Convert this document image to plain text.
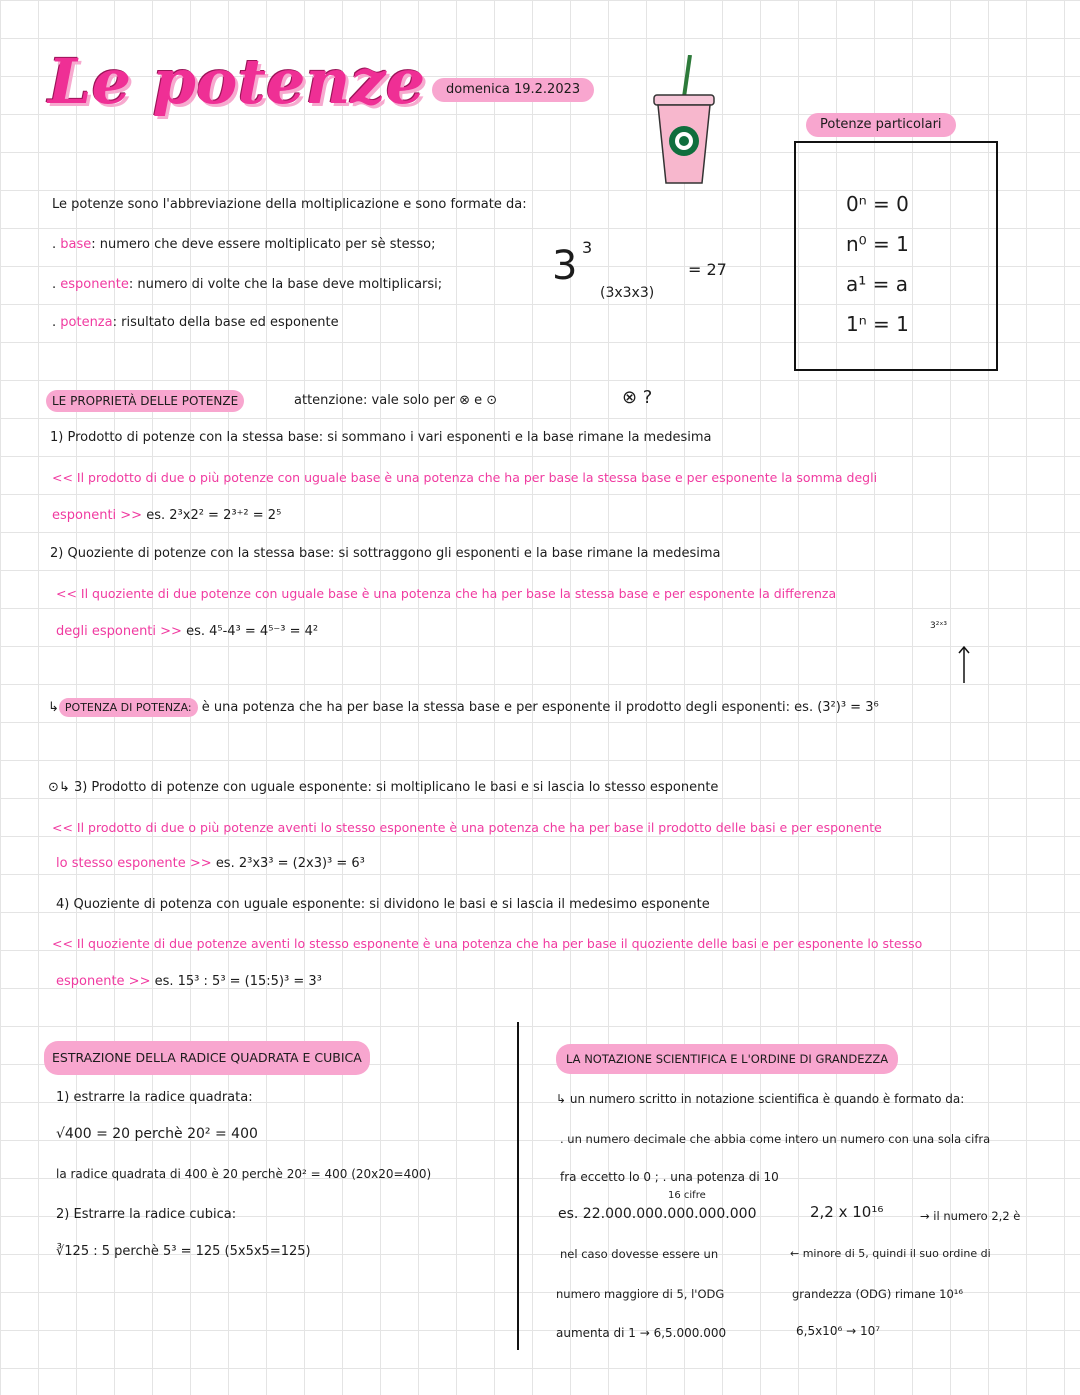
Le potenze	domenica 19.2.2023
Potenze particolari
0ⁿ = 0
n⁰ = 1
a¹ = a
1ⁿ = 1
Le potenze sono l'abbreviazione della moltiplicazione e sono formate da:
. base: numero che deve essere moltiplicato per sè stesso;
. esponente: numero di volte che la base deve moltiplicarsi;
. potenza: risultato della base ed esponente
3 3
(3x3x3)
= 27
LE PROPRIETÀ DELLE POTENZE	attenzione: vale solo per ⊗ e ⊙	⊗ ?
1) Prodotto di potenze con la stessa base: si sommano i vari esponenti e la base rimane la medesima
<< Il prodotto di due o più potenze con uguale base è una potenza che ha per base la stessa base e per esponente la somma degli
esponenti >> es. 2³x2² = 2³⁺² = 2⁵
2) Quoziente di potenze con la stessa base: si sottraggono gli esponenti e la base rimane la medesima
<< Il quoziente di due potenze con uguale base è una potenza che ha per base la stessa base e per esponente la differenza
degli esponenti >> es. 4⁵-4³ = 4⁵⁻³ = 4²	3²ˣ³
↳ POTENZA DI POTENZA: è una potenza che ha per base la stessa base e per esponente il prodotto degli esponenti: es. (3²)³ = 3⁶
⊙↳ 3) Prodotto di potenze con uguale esponente: si moltiplicano le basi e si lascia lo stesso esponente
<< Il prodotto di due o più potenze aventi lo stesso esponente è una potenza che ha per base il prodotto delle basi e per esponente
lo stesso esponente >> es. 2³x3³ = (2x3)³ = 6³
4) Quoziente di potenza con uguale esponente: si dividono le basi e si lascia il medesimo esponente
<< Il quoziente di due potenze aventi lo stesso esponente è una potenza che ha per base il quoziente delle basi e per esponente lo stesso
esponente >> es. 15³ : 5³ = (15:5)³ = 3³
ESTRAZIONE DELLA RADICE QUADRATA E CUBICA
1) estrarre la radice quadrata:
√400 = 20 perchè 20² = 400
la radice quadrata di 400 è 20 perchè 20² = 400 (20x20=400)
2) Estrarre la radice cubica:
∛125 : 5 perchè 5³ = 125 (5x5x5=125)
LA NOTAZIONE SCIENTIFICA E L'ORDINE DI GRANDEZZA
↳ un numero scritto in notazione scientifica è quando è formato da:
. un numero decimale che abbia come intero un numero con una sola cifra
fra eccetto lo 0 ; . una potenza di 10
16 cifre
es. 22.000.000.000.000.000	2,2 x 10¹⁶	→ il numero 2,2 è
nel caso dovesse essere un	← minore di 5, quindi il suo ordine di
numero maggiore di 5, l'ODG	grandezza (ODG) rimane 10¹⁶
aumenta di 1 → 6,5.000.000	6,5x10⁶ → 10⁷
